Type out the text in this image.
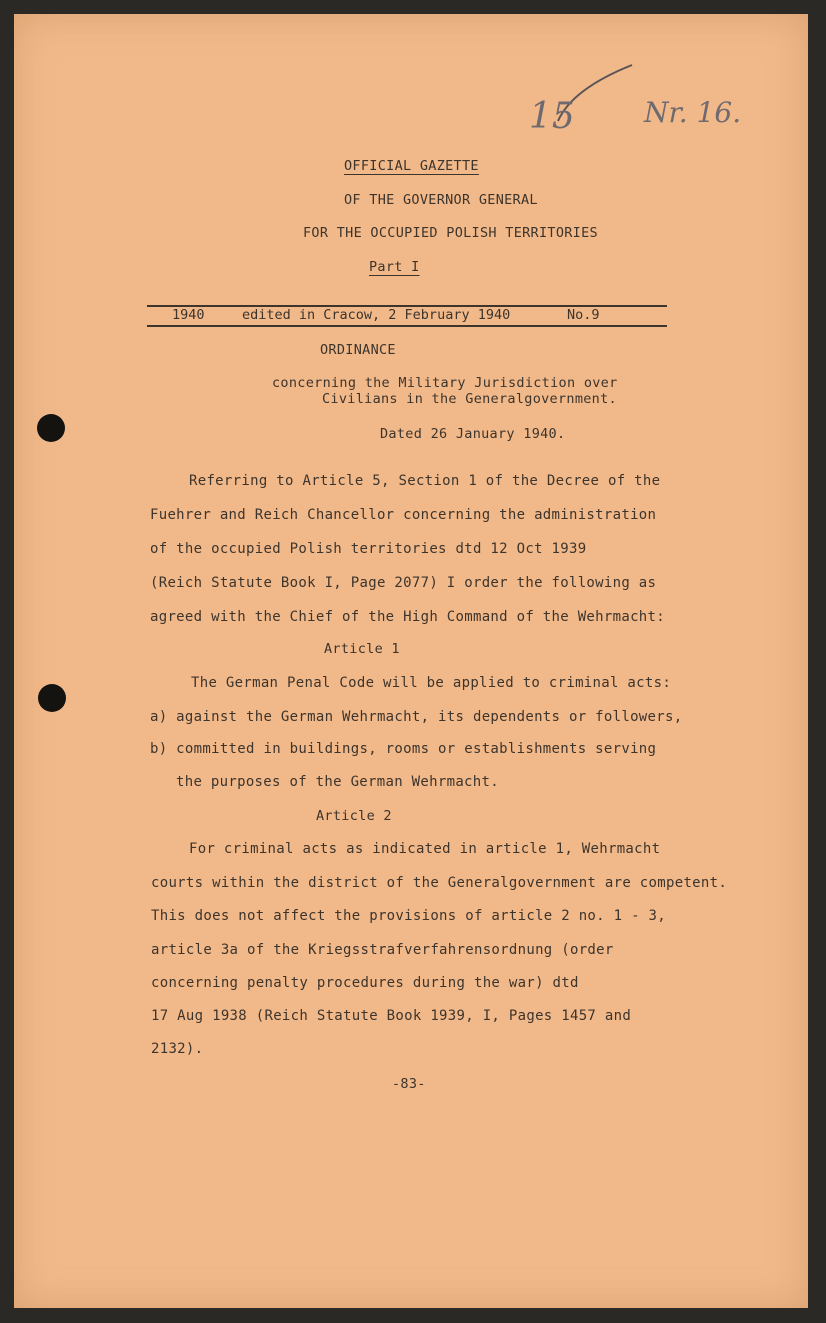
15 Nr. 16.
OFFICIAL GAZETTE
OF THE GOVERNOR GENERAL
FOR THE OCCUPIED POLISH TERRITORIES
Part I
1940	edited in Cracow, 2 February 1940	No.9
ORDINANCE
concerning the Military Jurisdiction over
Civilians in the Generalgovernment.
Dated 26 January 1940.
Referring to Article 5, Section 1 of the Decree of the
Fuehrer and Reich Chancellor concerning the administration
of the occupied Polish territories dtd 12 Oct 1939
(Reich Statute Book I, Page 2077) I order the following as
agreed with the Chief of the High Command of the Wehrmacht:
Article 1
The German Penal Code will be applied to criminal acts:
a) against the German Wehrmacht, its dependents or followers,
b) committed in buildings, rooms or establishments serving
the purposes of the German Wehrmacht.
Article 2
For criminal acts as indicated in article 1, Wehrmacht
courts within the district of the Generalgovernment are competent.
This does not affect the provisions of article 2 no. 1 - 3,
article 3a of the Kriegsstrafverfahrensordnung (order
concerning penalty procedures during the war) dtd
17 Aug 1938 (Reich Statute Book 1939, I, Pages 1457 and
2132).
-83-
